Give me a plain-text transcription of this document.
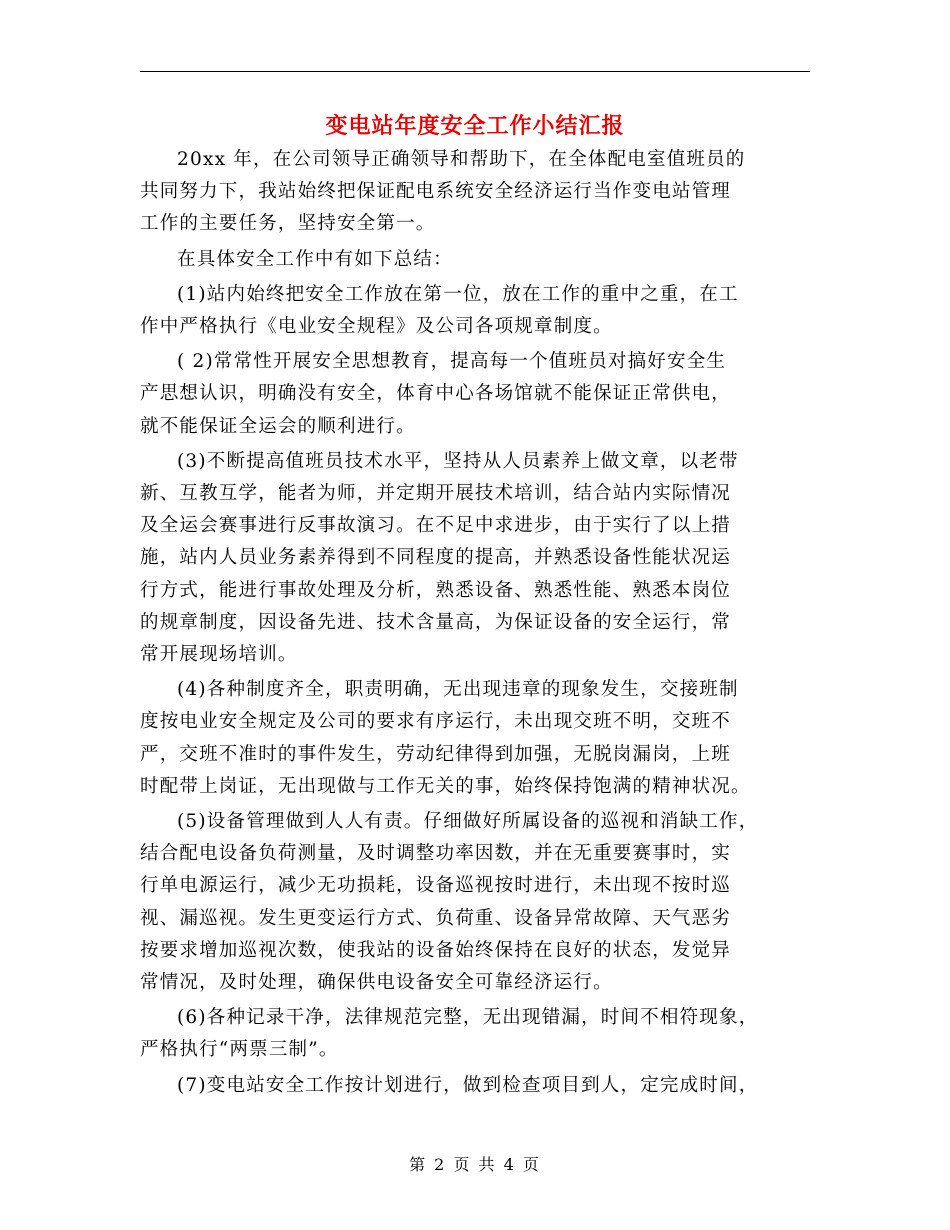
变电站年度安全工作小结汇报

20xx 年，在公司领导正确领导和帮助下，在全体配电室值班员的
共同努力下，我站始终把保证配电系统安全经济运行当作变电站管理
工作的主要任务，坚持安全第一。

在具体安全工作中有如下总结：

(1)站内始终把安全工作放在第一位，放在工作的重中之重，在工
作中严格执行《电业安全规程》及公司各项规章制度。

( 2)常常性开展安全思想教育，提高每一个值班员对搞好安全生
产思想认识，明确没有安全，体育中心各场馆就不能保证正常供电，
就不能保证全运会的顺利进行。

(3)不断提高值班员技术水平，坚持从人员素养上做文章，以老带
新、互教互学，能者为师，并定期开展技术培训，结合站内实际情况
及全运会赛事进行反事故演习。在不足中求进步，由于实行了以上措
施，站内人员业务素养得到不同程度的提高，并熟悉设备性能状况运
行方式，能进行事故处理及分析，熟悉设备、熟悉性能、熟悉本岗位
的规章制度，因设备先进、技术含量高，为保证设备的安全运行，常
常开展现场培训。

(4)各种制度齐全，职责明确，无出现违章的现象发生，交接班制
度按电业安全规定及公司的要求有序运行，未出现交班不明，交班不
严，交班不准时的事件发生，劳动纪律得到加强，无脱岗漏岗，上班
时配带上岗证，无出现做与工作无关的事，始终保持饱满的精神状况。

(5)设备管理做到人人有责。仔细做好所属设备的巡视和消缺工作，
结合配电设备负荷测量，及时调整功率因数，并在无重要赛事时，实
行单电源运行，减少无功损耗，设备巡视按时进行，未出现不按时巡
视、漏巡视。发生更变运行方式、负荷重、设备异常故障、天气恶劣
按要求增加巡视次数，使我站的设备始终保持在良好的状态，发觉异
常情况，及时处理，确保供电设备安全可靠经济运行。

(6)各种记录干净，法律规范完整，无出现错漏，时间不相符现象，
严格执行“两票三制”。

(7)变电站安全工作按计划进行，做到检查项目到人，定完成时间，

第 2 页 共 4 页
